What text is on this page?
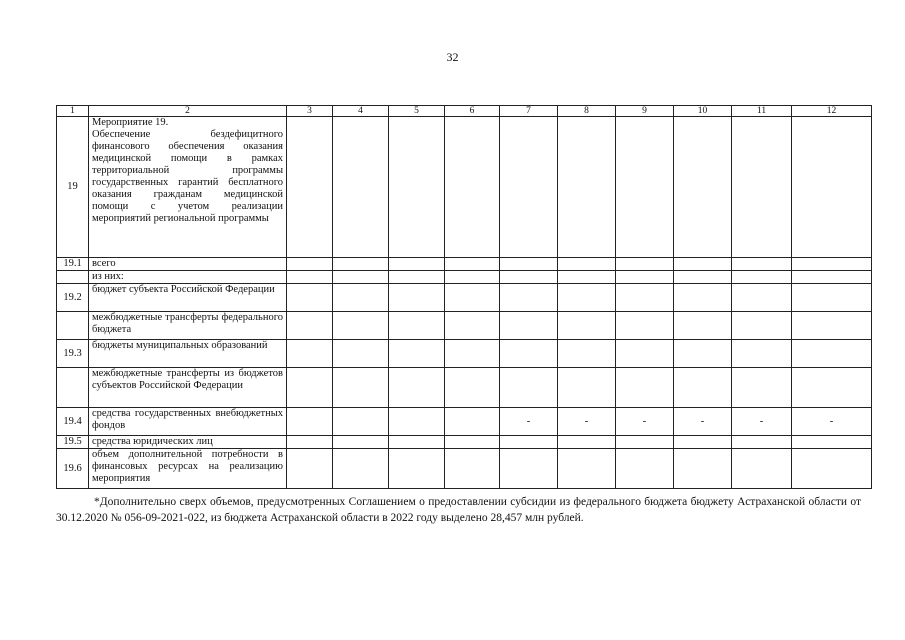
32
1	2	3	4	5	6	7	8	9	10	11	12
19	Мероприятие 19.
Обеспечение бездефицитного финансового обеспечения оказания медицинской помощи в рамках территориальной программы государственных гарантий бесплатного оказания гражданам медицинской помощи с учетом реализации мероприятий региональной программы										
19.1	всего										
	из них:										
19.2	бюджет субъекта Российской Федерации										
	межбюджетные трансферты федерального бюджета										
19.3	бюджеты муниципальных образований										
	межбюджетные трансферты из бюджетов субъектов Российской Федерации										
19.4	средства государственных внебюджетных фондов					-	-	-	-	-	-
19.5	средства юридических лиц										
19.6	объем дополнительной потребности в финансовых ресурсах на реализацию мероприятия										
*Дополнительно сверх объемов, предусмотренных Соглашением о предоставлении субсидии из федерального бюджета бюджету Астраханской области от 30.12.2020 № 056-09-2021-022, из бюджета Астраханской области в 2022 году выделено 28,457 млн рублей.
